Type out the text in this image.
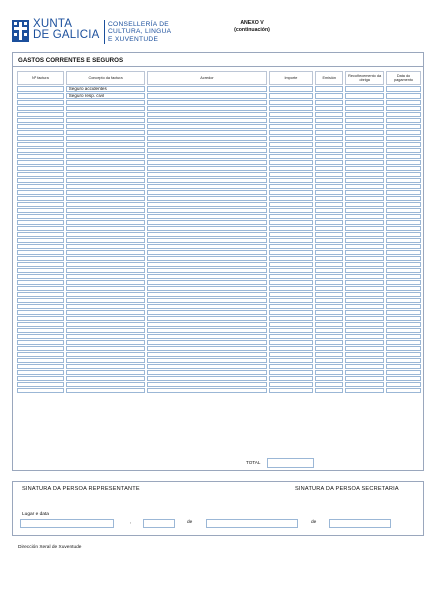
XUNTA
DE GALICIA
CONSELLERÍA DE
CULTURA, LINGUA
E XUVENTUDE
ANEXO V
(continuación)
GASTOS CORRENTES E SEGUROS
Nº factura	Concepto da factura	Acredor	Importe	Emisión	Recoñecemento da obriga	Data do pagamento
	Seguro accidentes					
	Seguro resp. civil					

TOTAL
SINATURA DA PERSOA REPRESENTANTE	SINATURA DA PERSOA SECRETARIA
Lugar e data
,	de	de
Dirección Xeral de Xuventude
